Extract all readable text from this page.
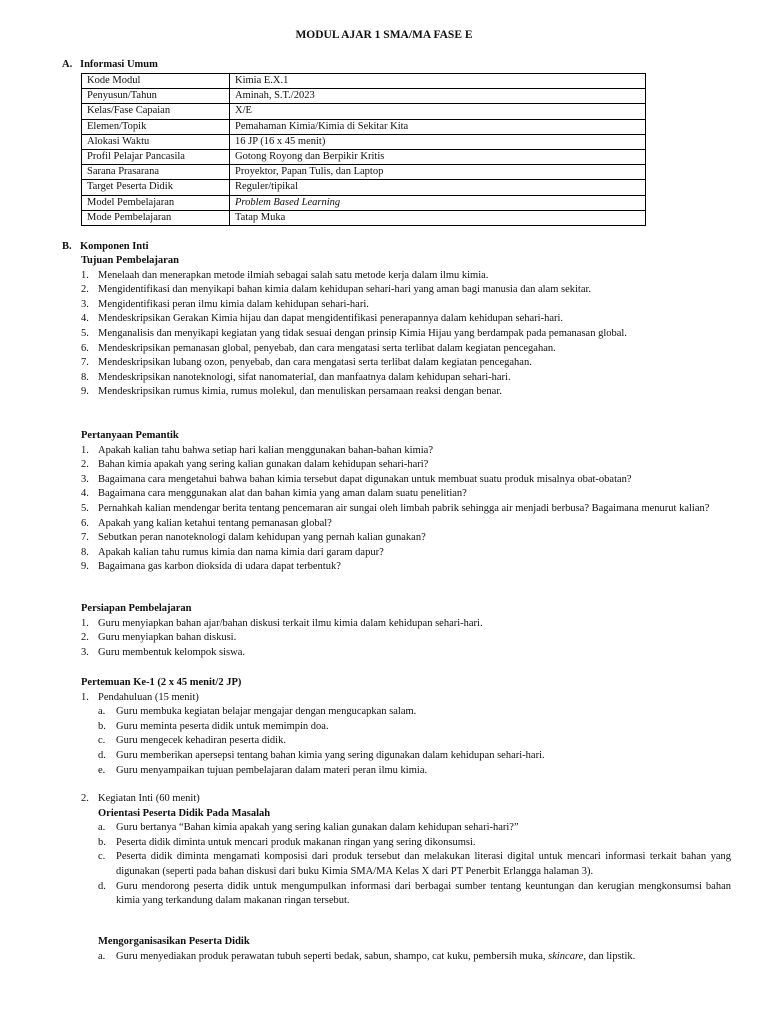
MODUL AJAR 1 SMA/MA FASE E
A. Informasi Umum
Kode Modul	Kimia E.X.1
Penyusun/Tahun	Aminah, S.T./2023
Kelas/Fase Capaian	X/E
Elemen/Topik	Pemahaman Kimia/Kimia di Sekitar Kita
Alokasi Waktu	16 JP (16 x 45 menit)
Profil Pelajar Pancasila	Gotong Royong dan Berpikir Kritis
Sarana Prasarana	Proyektor, Papan Tulis, dan Laptop
Target Peserta Didik	Reguler/tipikal
Model Pembelajaran	Problem Based Learning
Mode Pembelajaran	Tatap Muka
B. Komponen Inti
Tujuan Pembelajaran
1. Menelaah dan menerapkan metode ilmiah sebagai salah satu metode kerja dalam ilmu kimia.
2. Mengidentifikasi dan menyikapi bahan kimia dalam kehidupan sehari-hari yang aman bagi manusia dan alam sekitar.
3. Mengidentifikasi peran ilmu kimia dalam kehidupan sehari-hari.
4. Mendeskripsikan Gerakan Kimia hijau dan dapat mengidentifikasi penerapannya dalam kehidupan sehari-hari.
5. Menganalisis dan menyikapi kegiatan yang tidak sesuai dengan prinsip Kimia Hijau yang berdampak pada pemanasan global.
6. Mendeskripsikan pemanasan global, penyebab, dan cara mengatasi serta terlibat dalam kegiatan pencegahan.
7. Mendeskripsikan lubang ozon, penyebab, dan cara mengatasi serta terlibat dalam kegiatan pencegahan.
8. Mendeskripsikan nanoteknologi, sifat nanomaterial, dan manfaatnya dalam kehidupan sehari-hari.
9. Mendeskripsikan rumus kimia, rumus molekul, dan menuliskan persamaan reaksi dengan benar.
Pertanyaan Pemantik
1. Apakah kalian tahu bahwa setiap hari kalian menggunakan bahan-bahan kimia?
2. Bahan kimia apakah yang sering kalian gunakan dalam kehidupan sehari-hari?
3. Bagaimana cara mengetahui bahwa bahan kimia tersebut dapat digunakan untuk membuat suatu produk misalnya obat-obatan?
4. Bagaimana cara menggunakan alat dan bahan kimia yang aman dalam suatu penelitian?
5. Pernahkah kalian mendengar berita tentang pencemaran air sungai oleh limbah pabrik sehingga air menjadi berbusa? Bagaimana menurut kalian?
6. Apakah yang kalian ketahui tentang pemanasan global?
7. Sebutkan peran nanoteknologi dalam kehidupan yang pernah kalian gunakan?
8. Apakah kalian tahu rumus kimia dan nama kimia dari garam dapur?
9. Bagaimana gas karbon dioksida di udara dapat terbentuk?
Persiapan Pembelajaran
1. Guru menyiapkan bahan ajar/bahan diskusi terkait ilmu kimia dalam kehidupan sehari-hari.
2. Guru menyiapkan bahan diskusi.
3. Guru membentuk kelompok siswa.
Pertemuan Ke-1 (2 x 45 menit/2 JP)
1. Pendahuluan (15 menit)
a. Guru membuka kegiatan belajar mengajar dengan mengucapkan salam.
b. Guru meminta peserta didik untuk memimpin doa.
c. Guru mengecek kehadiran peserta didik.
d. Guru memberikan apersepsi tentang bahan kimia yang sering digunakan dalam kehidupan sehari-hari.
e. Guru menyampaikan tujuan pembelajaran dalam materi peran ilmu kimia.
2. Kegiatan Inti (60 menit)
Orientasi Peserta Didik Pada Masalah
a. Guru bertanya “Bahan kimia apakah yang sering kalian gunakan dalam kehidupan sehari-hari?”
b. Peserta didik diminta untuk mencari produk makanan ringan yang sering dikonsumsi.
c. Peserta didik diminta mengamati komposisi dari produk tersebut dan melakukan literasi digital untuk mencari informasi terkait bahan yang digunakan (seperti pada bahan diskusi dari buku Kimia SMA/MA Kelas X dari PT Penerbit Erlangga halaman 3).
d. Guru mendorong peserta didik untuk mengumpulkan informasi dari berbagai sumber tentang keuntungan dan kerugian mengkonsumsi bahan kimia yang terkandung dalam makanan ringan tersebut.
Mengorganisasikan Peserta Didik
a. Guru menyediakan produk perawatan tubuh seperti bedak, sabun, shampo, cat kuku, pembersih muka, skincare, dan lipstik.
